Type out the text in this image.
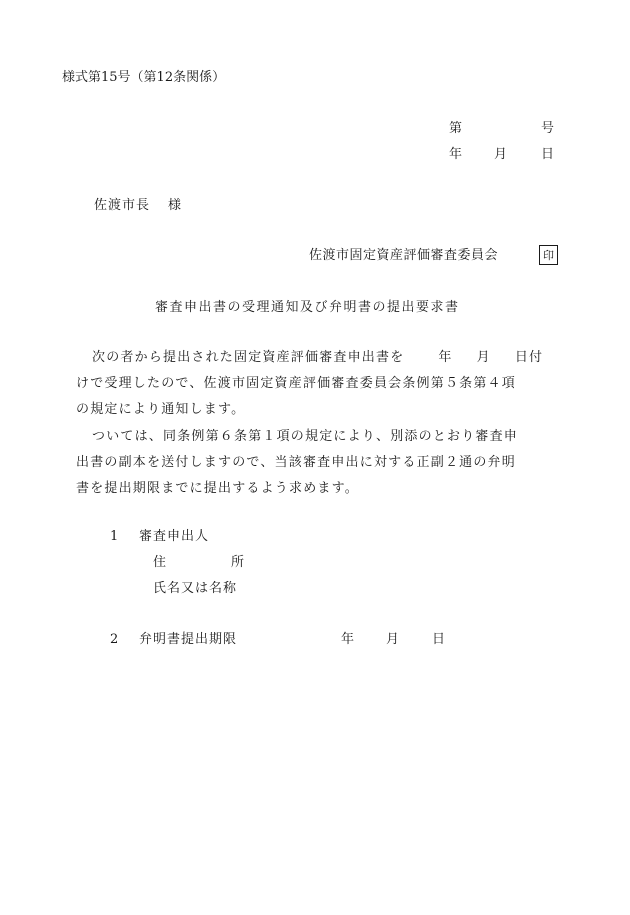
様式第15号（第12条関係）
第	号
年 月	日
佐渡市長 様
佐渡市固定資産評価審査委員会	印
審査申出書の受理通知及び弁明書の提出要求書
次の者から提出された固定資産評価審査申出書を	年 月 日付
けで受理したので、佐渡市固定資産評価審査委員会条例第５条第４項
の規定により通知します。
ついては、同条例第６条第１項の規定により、別添のとおり審査申
出書の副本を送付しますので、当該審査申出に対する正副２通の弁明
書を提出期限までに提出するよう求めます。
1 審査申出人
住	所
氏名又は名称
2 弁明書提出期限	年 月	日
